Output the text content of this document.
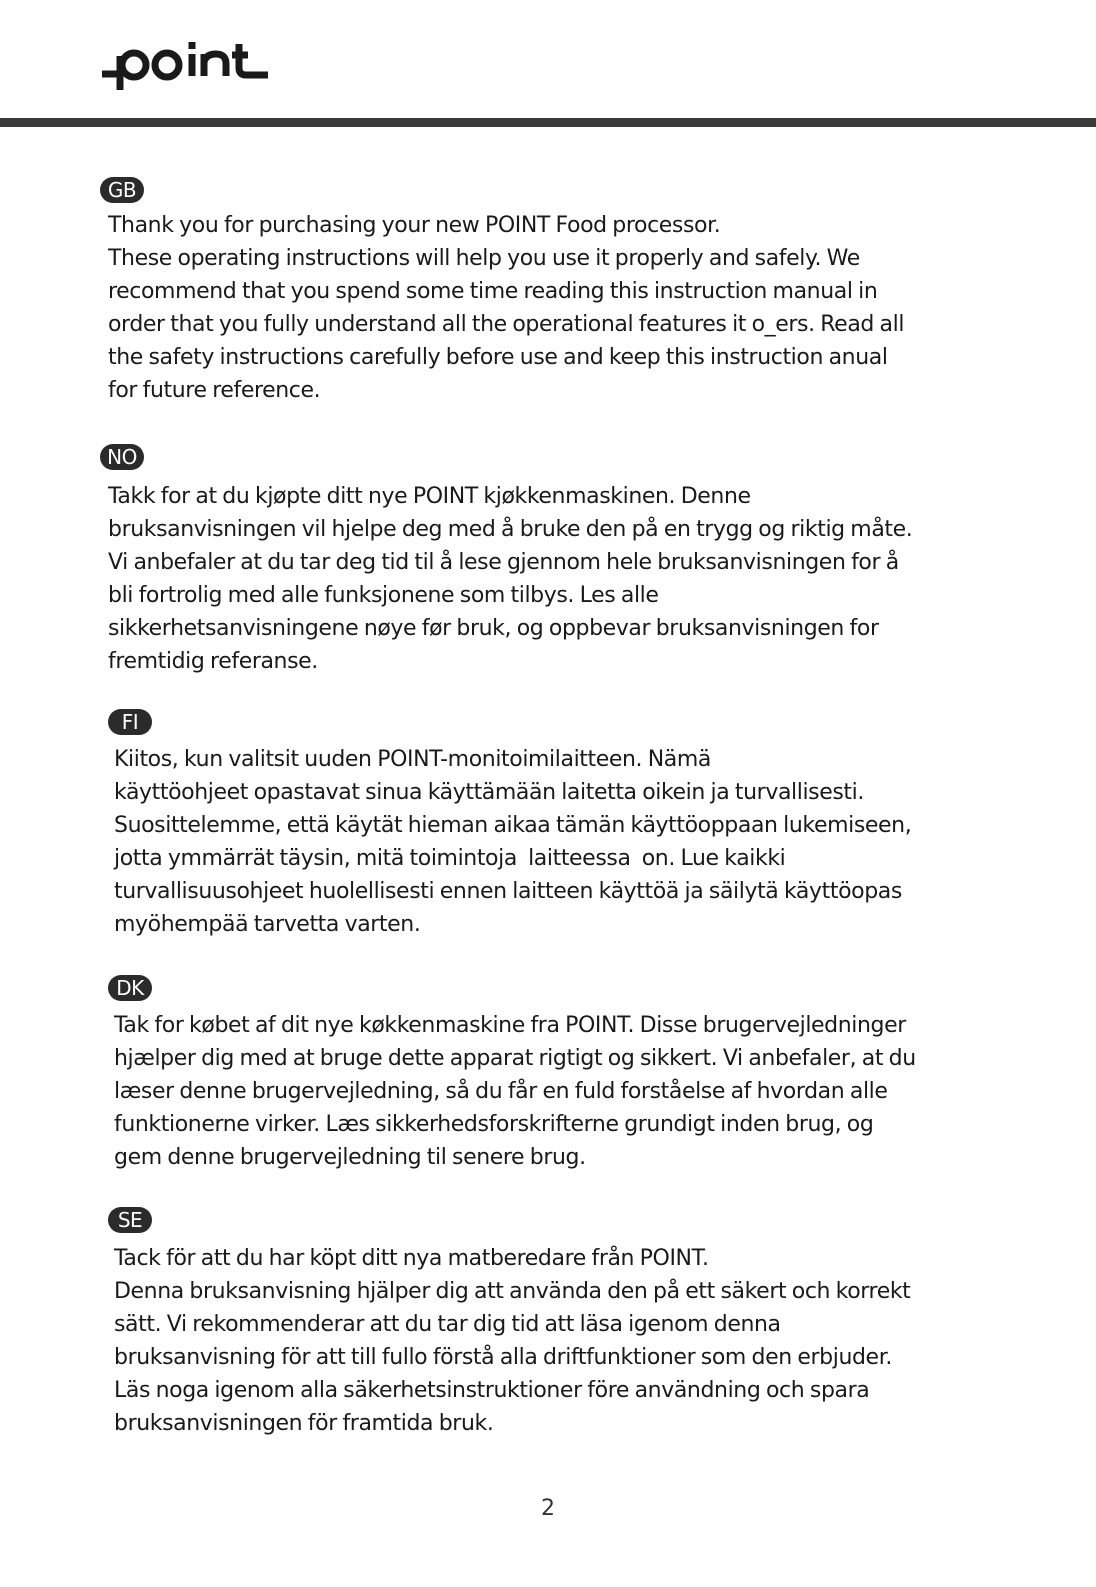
GB
Thank you for purchasing your new POINT Food processor.
These operating instructions will help you use it properly and safely. We
recommend that you spend some time reading this instruction manual in
order that you fully understand all the operational features it o_ers. Read all
the safety instructions carefully before use and keep this instruction anual
for future reference.
NO
Takk for at du kjøpte ditt nye POINT kjøkkenmaskinen. Denne
bruksanvisningen vil hjelpe deg med å bruke den på en trygg og riktig måte.
Vi anbefaler at du tar deg tid til å lese gjennom hele bruksanvisningen for å
bli fortrolig med alle funksjonene som tilbys. Les alle
sikkerhetsanvisningene nøye før bruk, og oppbevar bruksanvisningen for
fremtidig referanse.
FI
Kiitos, kun valitsit uuden POINT-monitoimilaitteen. Nämä
käyttöohjeet opastavat sinua käyttämään laitetta oikein ja turvallisesti.
Suosittelemme, että käytät hieman aikaa tämän käyttöoppaan lukemiseen,
jotta ymmärrät täysin, mitä toimintoja  laitteessa  on. Lue kaikki
turvallisuusohjeet huolellisesti ennen laitteen käyttöä ja säilytä käyttöopas
myöhempää tarvetta varten.
DK
Tak for købet af dit nye køkkenmaskine fra POINT. Disse brugervejledninger
hjælper dig med at bruge dette apparat rigtigt og sikkert. Vi anbefaler, at du
læser denne brugervejledning, så du får en fuld forståelse af hvordan alle
funktionerne virker. Læs sikkerhedsforskrifterne grundigt inden brug, og
gem denne brugervejledning til senere brug.
SE
Tack för att du har köpt ditt nya matberedare från POINT.
Denna bruksanvisning hjälper dig att använda den på ett säkert och korrekt
sätt. Vi rekommenderar att du tar dig tid att läsa igenom denna
bruksanvisning för att till fullo förstå alla driftfunktioner som den erbjuder.
Läs noga igenom alla säkerhetsinstruktioner före användning och spara
bruksanvisningen för framtida bruk.
2
